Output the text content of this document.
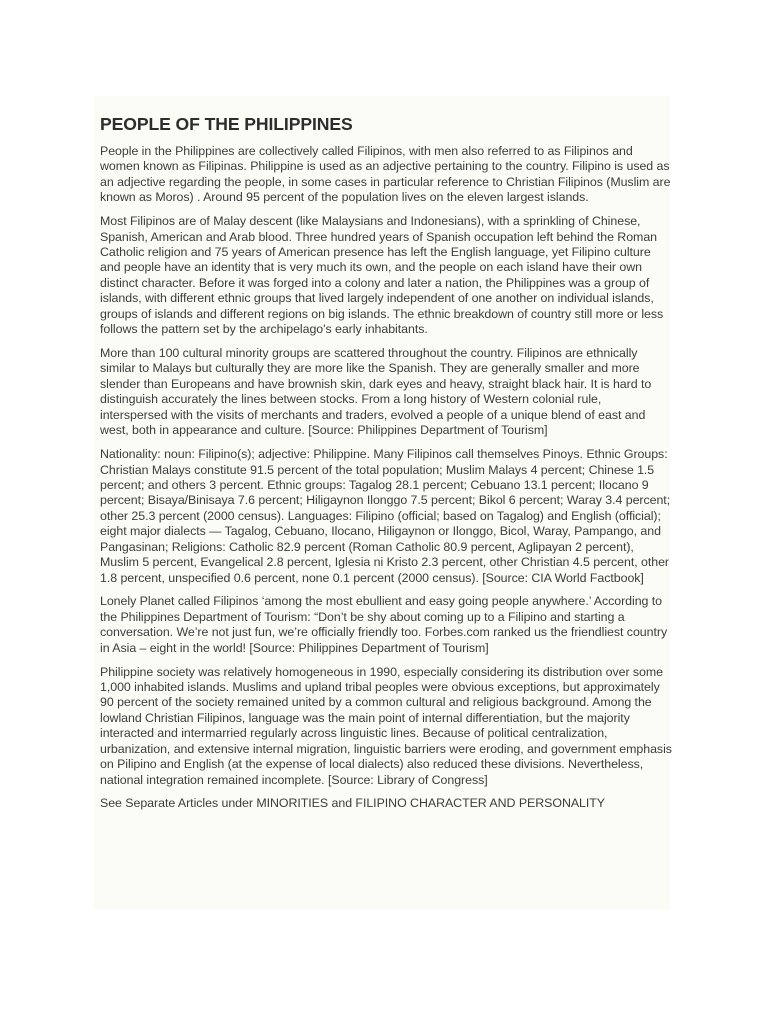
PEOPLE OF THE PHILIPPINES

People in the Philippines are collectively called Filipinos, with men also referred to as Filipinos and women known as Filipinas. Philippine is used as an adjective pertaining to the country. Filipino is used as an adjective regarding the people, in some cases in particular reference to Christian Filipinos (Muslim are known as Moros) . Around 95 percent of the population lives on the eleven largest islands.

Most Filipinos are of Malay descent (like Malaysians and Indonesians), with a sprinkling of Chinese, Spanish, American and Arab blood. Three hundred years of Spanish occupation left behind the Roman Catholic religion and 75 years of American presence has left the English language, yet Filipino culture and people have an identity that is very much its own, and the people on each island have their own distinct character. Before it was forged into a colony and later a nation, the Philippines was a group of islands, with different ethnic groups that lived largely independent of one another on individual islands, groups of islands and different regions on big islands. The ethnic breakdown of country still more or less follows the pattern set by the archipelago's early inhabitants.

More than 100 cultural minority groups are scattered throughout the country. Filipinos are ethnically similar to Malays but culturally they are more like the Spanish. They are generally smaller and more slender than Europeans and have brownish skin, dark eyes and heavy, straight black hair. It is hard to distinguish accurately the lines between stocks. From a long history of Western colonial rule, interspersed with the visits of merchants and traders, evolved a people of a unique blend of east and west, both in appearance and culture. [Source: Philippines Department of Tourism]

Nationality: noun: Filipino(s); adjective: Philippine. Many Filipinos call themselves Pinoys. Ethnic Groups: Christian Malays constitute 91.5 percent of the total population; Muslim Malays 4 percent; Chinese 1.5 percent; and others 3 percent. Ethnic groups: Tagalog 28.1 percent; Cebuano 13.1 percent; Ilocano 9 percent; Bisaya/Binisaya 7.6 percent; Hiligaynon Ilonggo 7.5 percent; Bikol 6 percent; Waray 3.4 percent; other 25.3 percent (2000 census). Languages: Filipino (official; based on Tagalog) and English (official); eight major dialects — Tagalog, Cebuano, Ilocano, Hiligaynon or Ilonggo, Bicol, Waray, Pampango, and Pangasinan; Religions: Catholic 82.9 percent (Roman Catholic 80.9 percent, Aglipayan 2 percent), Muslim 5 percent, Evangelical 2.8 percent, Iglesia ni Kristo 2.3 percent, other Christian 4.5 percent, other 1.8 percent, unspecified 0.6 percent, none 0.1 percent (2000 census). [Source: CIA World Factbook]

Lonely Planet called Filipinos ‘among the most ebullient and easy going people anywhere.’ According to the Philippines Department of Tourism: “Don’t be shy about coming up to a Filipino and starting a conversation. We’re not just fun, we’re officially friendly too. Forbes.com ranked us the friendliest country in Asia – eight in the world! [Source: Philippines Department of Tourism]

Philippine society was relatively homogeneous in 1990, especially considering its distribution over some 1,000 inhabited islands. Muslims and upland tribal peoples were obvious exceptions, but approximately 90 percent of the society remained united by a common cultural and religious background. Among the lowland Christian Filipinos, language was the main point of internal differentiation, but the majority interacted and intermarried regularly across linguistic lines. Because of political centralization, urbanization, and extensive internal migration, linguistic barriers were eroding, and government emphasis on Pilipino and English (at the expense of local dialects) also reduced these divisions. Nevertheless, national integration remained incomplete. [Source: Library of Congress]

See Separate Articles under MINORITIES and FILIPINO CHARACTER AND PERSONALITY
